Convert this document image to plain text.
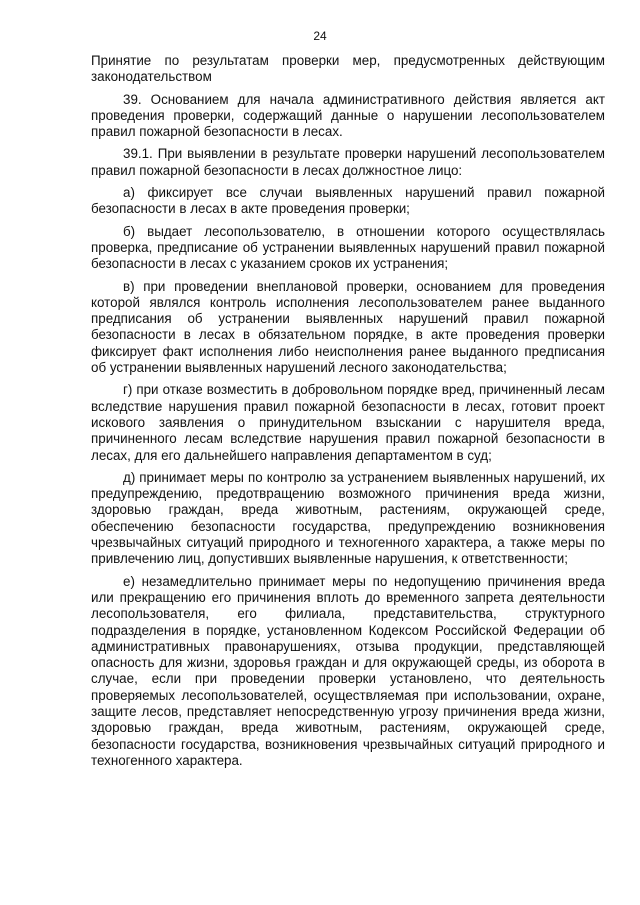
24

Принятие по результатам проверки мер, предусмотренных действующим законодательством

39. Основанием для начала административного действия является акт проведения проверки, содержащий данные о нарушении лесопользователем правил пожарной безопасности в лесах.

39.1. При выявлении в результате проверки нарушений лесопользователем правил пожарной безопасности в лесах должностное лицо:

а) фиксирует все случаи выявленных нарушений правил пожарной безопасности в лесах в акте проведения проверки;

б) выдает лесопользователю, в отношении которого осуществлялась проверка, предписание об устранении выявленных нарушений правил пожарной безопасности в лесах с указанием сроков их устранения;

в) при проведении внеплановой проверки, основанием для проведения которой являлся контроль исполнения лесопользователем ранее выданного предписания об устранении выявленных нарушений правил пожарной безопасности в лесах в обязательном порядке, в акте проведения проверки фиксирует факт исполнения либо неисполнения ранее выданного предписания об устранении выявленных нарушений лесного законодательства;

г) при отказе возместить в добровольном порядке вред, причиненный лесам вследствие нарушения правил пожарной безопасности в лесах, готовит проект искового заявления о принудительном взыскании с нарушителя вреда, причиненного лесам вследствие нарушения правил пожарной безопасности в лесах, для его дальнейшего направления департаментом в суд;

д) принимает меры по контролю за устранением выявленных нарушений, их предупреждению, предотвращению возможного причинения вреда жизни, здоровью граждан, вреда животным, растениям, окружающей среде, обеспечению безопасности государства, предупреждению возникновения чрезвычайных ситуаций природного и техногенного характера, а также меры по привлечению лиц, допустивших выявленные нарушения, к ответственности;

е) незамедлительно принимает меры по недопущению причинения вреда или прекращению его причинения вплоть до временного запрета деятельности лесопользователя, его филиала, представительства, структурного подразделения в порядке, установленном Кодексом Российской Федерации об административных правонарушениях, отзыва продукции, представляющей опасность для жизни, здоровья граждан и для окружающей среды, из оборота в случае, если при проведении проверки установлено, что деятельность проверяемых лесопользователей, осуществляемая при использовании, охране, защите лесов, представляет непосредственную угрозу причинения вреда жизни, здоровью граждан, вреда животным, растениям, окружающей среде, безопасности государства, возникновения чрезвычайных ситуаций природного и техногенного характера.
